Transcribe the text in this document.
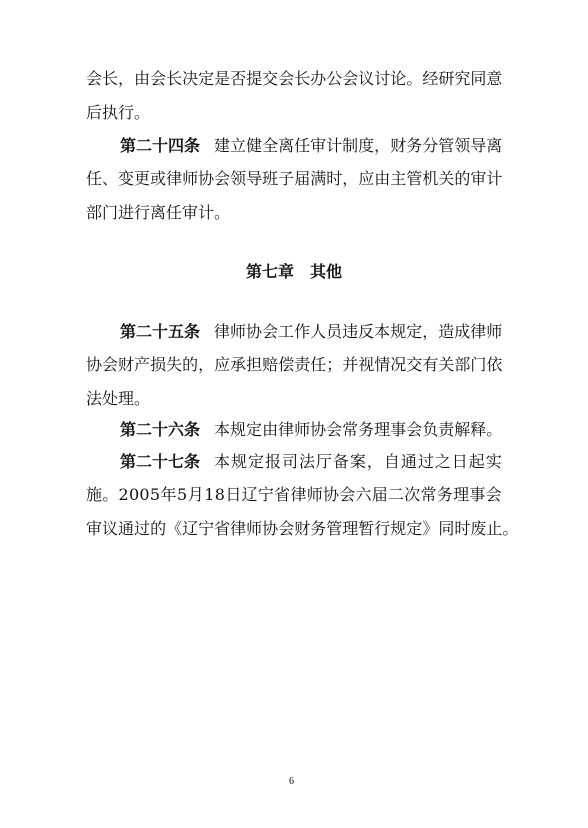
会 长 ， 由 会 长 决 定 是 否 提 交 会 长 办 公 会 议 讨 论 。 经 研 究 同 意
后执行。
第二十四条 建 立 健 全 离 任 审 计 制 度 ， 财 务 分 管 领 导 离
任 、 变 更 或 律 师 协 会 领 导 班 子 届 满 时 ， 应 由 主 管 机 关 的 审 计
部门进行离任审计。
第七章 其他
第二十五条 律 师 协 会 工 作 人 员 违 反 本 规 定 ， 造 成 律 师
协 会 财 产 损 失 的 ， 应 承 担 赔 偿 责 任 ； 并 视 情 况 交 有 关 部 门 依
法处理。
第二十六条 本 规 定 由 律 师 协 会 常 务 理 事 会 负 责 解 释 。
第二十七条 本 规 定 报 司 法 厅 备 案 ， 自 通 过 之 日 起 实
施 。 2 0 0 5 年 5 月 1 8 日 辽 宁 省 律 师 协 会 六 届 二 次 常 务 理 事 会
审 议 通 过 的 《 辽 宁 省 律 师 协 会 财 务 管 理 暂 行 规 定 》 同 时 废 止 。
6
